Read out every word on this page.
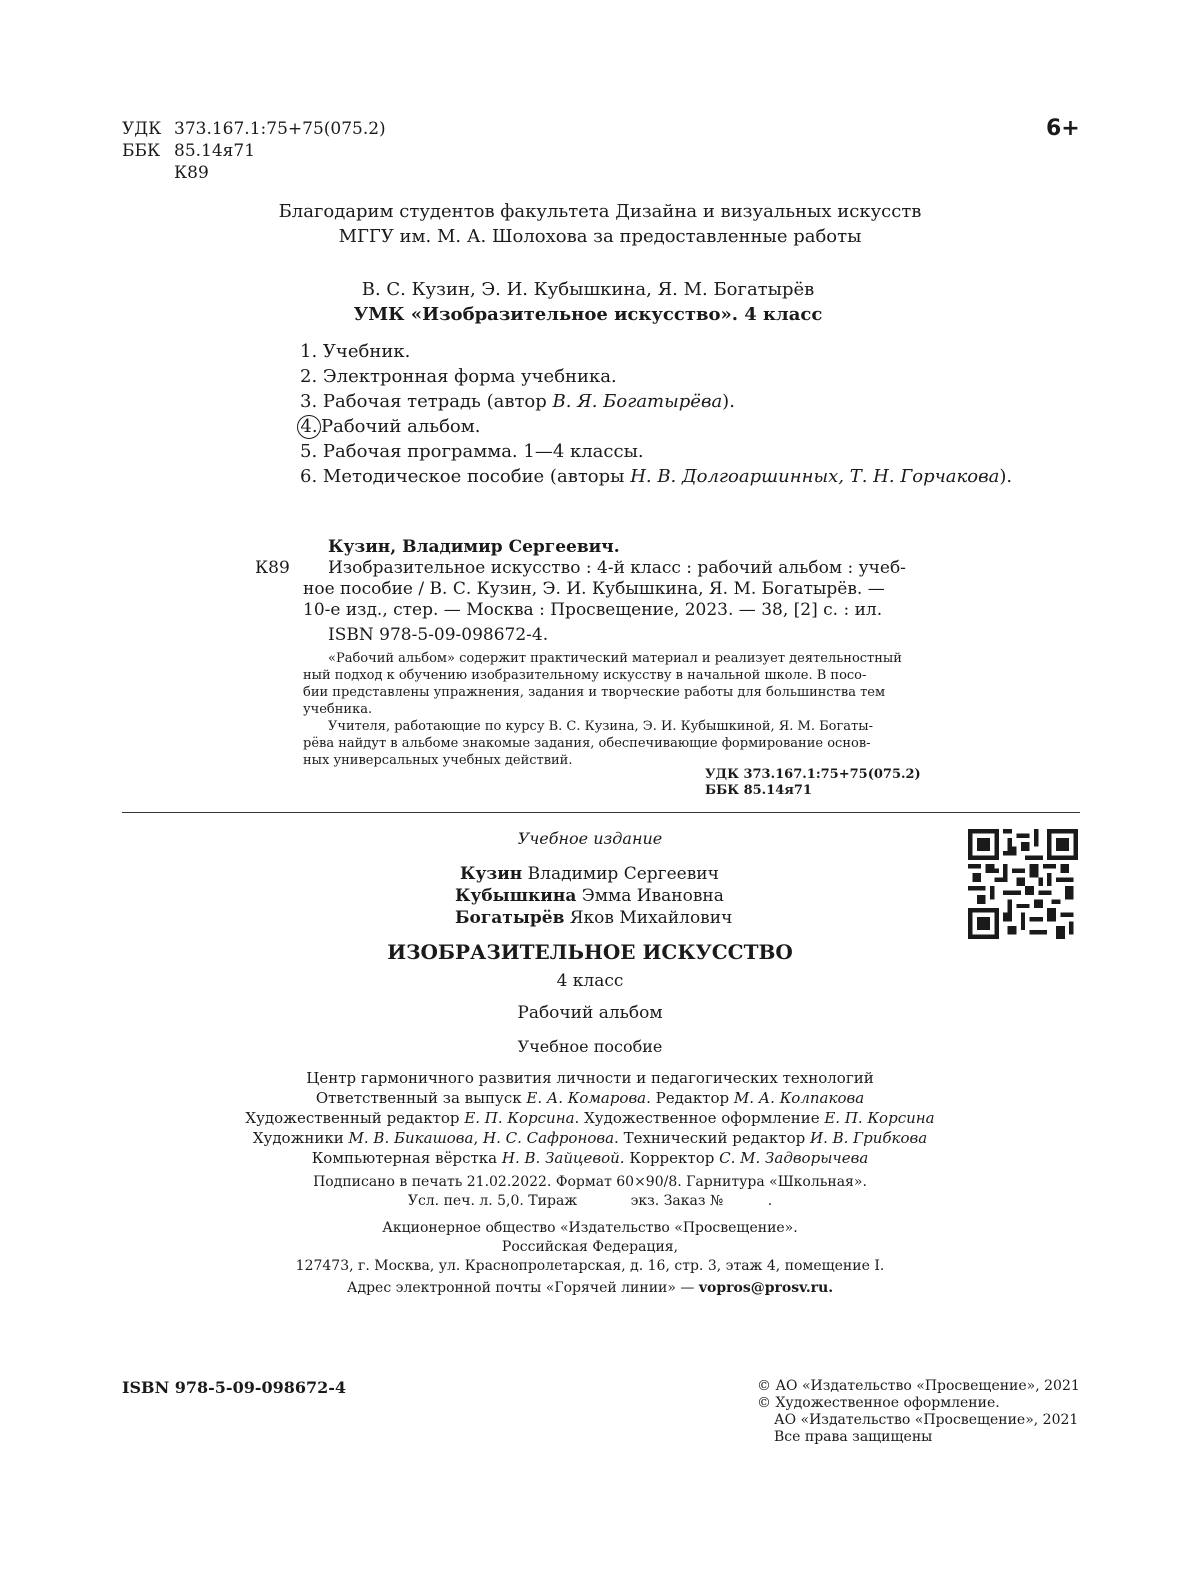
УДК 373.167.1:75+75(075.2)
ББК 85.14я71
К89
6+
Благодарим студентов факультета Дизайна и визуальных искусств
МГГУ им. М. А. Шолохова за предоставленные работы
В. С. Кузин, Э. И. Кубышкина, Я. М. Богатырёв
УМК «Изобразительное искусство». 4 класс
1. Учебник.
2. Электронная форма учебника.
3. Рабочая тетрадь (автор В. Я. Богатырёва).
4. Рабочий альбом.
5. Рабочая программа. 1—4 классы.
6. Методическое пособие (авторы Н. В. Долгоаршинных, Т. Н. Горчакова).
Кузин, Владимир Сергеевич.
К89 Изобразительное искусство : 4-й класс : рабочий альбом : учеб-
ное пособие / В. С. Кузин, Э. И. Кубышкина, Я. М. Богатырёв. —
10-е изд., стер. — Москва : Просвещение, 2023. — 38, [2] с. : ил.
ISBN 978-5-09-098672-4.
«Рабочий альбом» содержит практический материал и реализует деятельностный
ный подход к обучению изобразительному искусству в начальной школе. В посо-
бии представлены упражнения, задания и творческие работы для большинства тем
учебника.
Учителя, работающие по курсу В. С. Кузина, Э. И. Кубышкиной, Я. М. Богаты-
рёва найдут в альбоме знакомые задания, обеспечивающие формирование основ-
ных универсальных учебных действий.
УДК 373.167.1:75+75(075.2)
ББК 85.14я71
Учебное издание
Кузин Владимир Сергеевич
Кубышкина Эмма Ивановна
Богатырёв Яков Михайлович
ИЗОБРАЗИТЕЛЬНОЕ ИСКУССТВО
4 класс
Рабочий альбом
Учебное пособие
Центр гармоничного развития личности и педагогических технологий
Ответственный за выпуск Е. А. Комарова. Редактор М. А. Колпакова
Художественный редактор Е. П. Корсина. Художественное оформление Е. П. Корсина
Художники М. В. Бикашова, Н. С. Сафронова. Технический редактор И. В. Грибкова
Компьютерная вёрстка Н. В. Зайцевой. Корректор С. М. Задворычева
Подписано в печать 21.02.2022. Формат 60×90/8. Гарнитура «Школьная».
Усл. печ. л. 5,0. Тираж            экз. Заказ №          .
Акционерное общество «Издательство «Просвещение».
Российская Федерация,
127473, г. Москва, ул. Краснопролетарская, д. 16, стр. 3, этаж 4, помещение I.
Адрес электронной почты «Горячей линии» — vopros@prosv.ru.
ISBN 978-5-09-098672-4	© АО «Издательство «Просвещение», 2021
© Художественное оформление.
АО «Издательство «Просвещение», 2021
Все права защищены
